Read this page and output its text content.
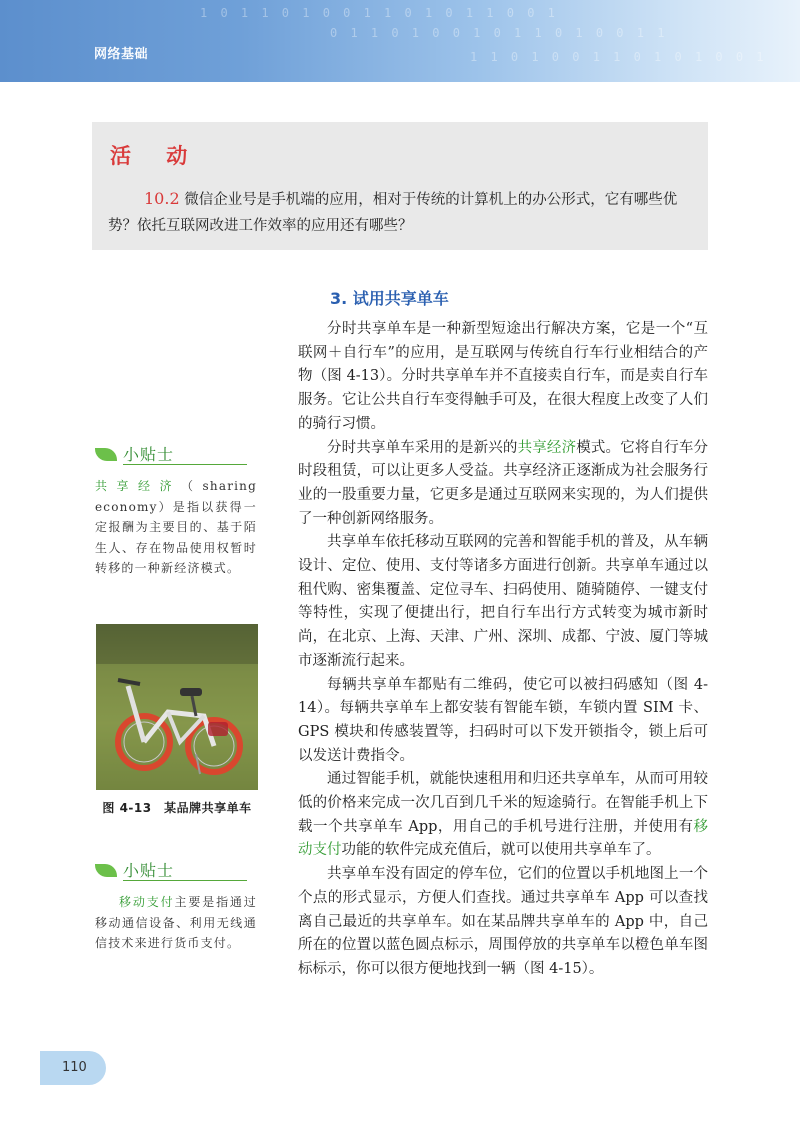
1 0 1 1 0 1 0 0 1 1 0 1 0 1 1 0 0 1
0 1 1 0 1 0 0 1 0 1 1 0 1 0 0 1 1
1 1 0 1 0 0 1 1 0 1 0 1 0 0 1
网络基础
活 动
10.2 微信企业号是手机端的应用，相对于传统的计算机上的办公形式，它有哪些优势？依托互联网改进工作效率的应用还有哪些？
小贴士
共享经济（sharing economy）是指以获得一定报酬为主要目的、基于陌生人、存在物品使用权暂时转移的一种新经济模式。
图 4-13　某品牌共享单车
小贴士
移动支付主要是指通过移动通信设备、利用无线通信技术来进行货币支付。
3. 试用共享单车

分时共享单车是一种新型短途出行解决方案，它是一个“互联网＋自行车”的应用，是互联网与传统自行车行业相结合的产物（图 4-13）。分时共享单车并不直接卖自行车，而是卖自行车服务。它让公共自行车变得触手可及，在很大程度上改变了人们的骑行习惯。

分时共享单车采用的是新兴的共享经济模式。它将自行车分时段租赁，可以让更多人受益。共享经济正逐渐成为社会服务行业的一股重要力量，它更多是通过互联网来实现的，为人们提供了一种创新网络服务。

共享单车依托移动互联网的完善和智能手机的普及，从车辆设计、定位、使用、支付等诸多方面进行创新。共享单车通过以租代购、密集覆盖、定位寻车、扫码使用、随骑随停、一键支付等特性，实现了便捷出行，把自行车出行方式转变为城市新时尚，在北京、上海、天津、广州、深圳、成都、宁波、厦门等城市逐渐流行起来。

每辆共享单车都贴有二维码，使它可以被扫码感知（图 4-14）。每辆共享单车上都安装有智能车锁，车锁内置 SIM 卡、GPS 模块和传感装置等，扫码时可以下发开锁指令，锁上后可以发送计费指令。

通过智能手机，就能快速租用和归还共享单车，从而可用较低的价格来完成一次几百到几千米的短途骑行。在智能手机上下载一个共享单车 App，用自己的手机号进行注册，并使用有移动支付功能的软件完成充值后，就可以使用共享单车了。

共享单车没有固定的停车位，它们的位置以手机地图上一个个点的形式显示，方便人们查找。通过共享单车 App 可以查找离自己最近的共享单车。如在某品牌共享单车的 App 中，自己所在的位置以蓝色圆点标示，周围停放的共享单车以橙色单车图标标示，你可以很方便地找到一辆（图 4-15）。

110
